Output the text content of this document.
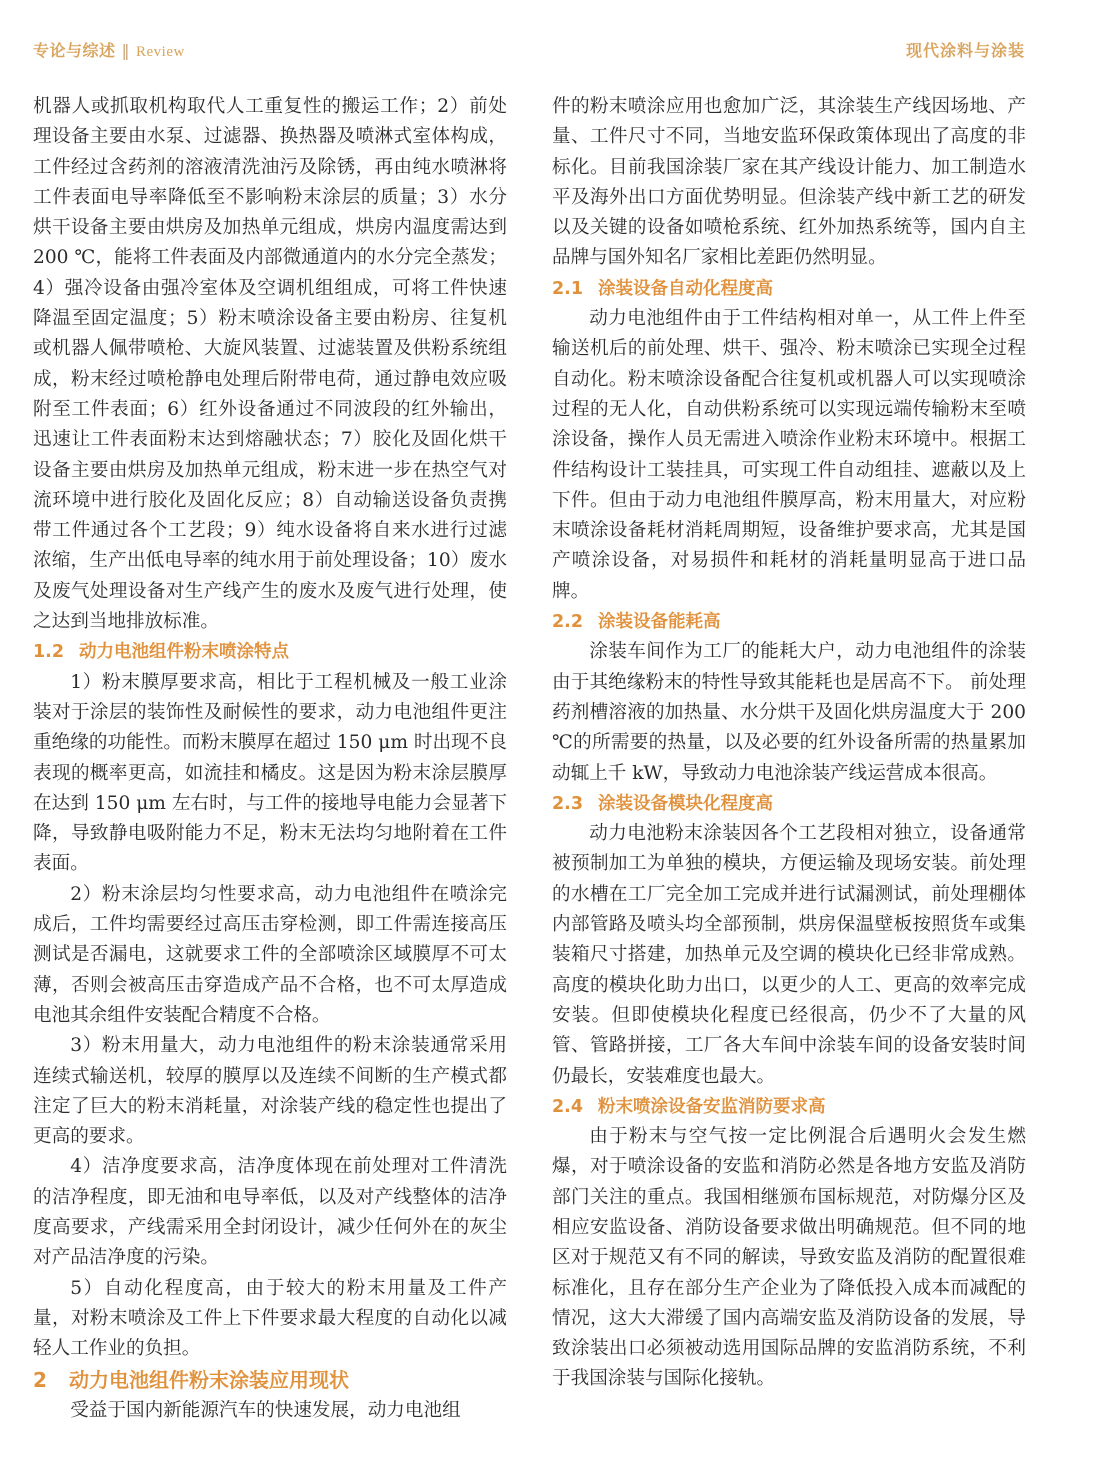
专论与综述 ‖ Review	现代涂料与涂装

机器人或抓取机构取代人工重复性的搬运工作；2）前处理设备主要由水泵、过滤器、换热器及喷淋式室体构成，工件经过含药剂的溶液清洗油污及除锈，再由纯水喷淋将工件表面电导率降低至不影响粉末涂层的质量；3）水分烘干设备主要由烘房及加热单元组成，烘房内温度需达到 200 ℃，能将工件表面及内部微通道内的水分完全蒸发；4）强冷设备由强冷室体及空调机组组成，可将工件快速降温至固定温度；5）粉末喷涂设备主要由粉房、往复机或机器人佩带喷枪、大旋风装置、过滤装置及供粉系统组成，粉末经过喷枪静电处理后附带电荷，通过静电效应吸附至工件表面；6）红外设备通过不同波段的红外输出，迅速让工件表面粉末达到熔融状态；7）胶化及固化烘干设备主要由烘房及加热单元组成，粉末进一步在热空气对流环境中进行胶化及固化反应；8）自动输送设备负责携带工件通过各个工艺段；9）纯水设备将自来水进行过滤浓缩，生产出低电导率的纯水用于前处理设备；10）废水及废气处理设备对生产线产生的废水及废气进行处理，使之达到当地排放标准。

1.2 动力电池组件粉末喷涂特点

1）粉末膜厚要求高，相比于工程机械及一般工业涂装对于涂层的装饰性及耐候性的要求，动力电池组件更注重绝缘的功能性。而粉末膜厚在超过 150 μm 时出现不良表现的概率更高，如流挂和橘皮。这是因为粉末涂层膜厚在达到 150 μm 左右时，与工件的接地导电能力会显著下降，导致静电吸附能力不足，粉末无法均匀地附着在工件表面。

2）粉末涂层均匀性要求高，动力电池组件在喷涂完成后，工件均需要经过高压击穿检测，即工件需连接高压测试是否漏电，这就要求工件的全部喷涂区域膜厚不可太薄，否则会被高压击穿造成产品不合格，也不可太厚造成电池其余组件安装配合精度不合格。

3）粉末用量大，动力电池组件的粉末涂装通常采用连续式输送机，较厚的膜厚以及连续不间断的生产模式都注定了巨大的粉末消耗量，对涂装产线的稳定性也提出了更高的要求。

4）洁净度要求高，洁净度体现在前处理对工件清洗的洁净程度，即无油和电导率低，以及对产线整体的洁净度高要求，产线需采用全封闭设计，减少任何外在的灰尘对产品洁净度的污染。

5）自动化程度高，由于较大的粉末用量及工件产量，对粉末喷涂及工件上下件要求最大程度的自动化以减轻人工作业的负担。

2 动力电池组件粉末涂装应用现状

受益于国内新能源汽车的快速发展，动力电池组

件的粉末喷涂应用也愈加广泛，其涂装生产线因场地、产量、工件尺寸不同，当地安监环保政策体现出了高度的非标化。目前我国涂装厂家在其产线设计能力、加工制造水平及海外出口方面优势明显。但涂装产线中新工艺的研发以及关键的设备如喷枪系统、红外加热系统等，国内自主品牌与国外知名厂家相比差距仍然明显。

2.1 涂装设备自动化程度高

动力电池组件由于工件结构相对单一，从工件上件至输送机后的前处理、烘干、强冷、粉末喷涂已实现全过程自动化。粉末喷涂设备配合往复机或机器人可以实现喷涂过程的无人化，自动供粉系统可以实现远端传输粉末至喷涂设备，操作人员无需进入喷涂作业粉末环境中。根据工件结构设计工装挂具，可实现工件自动组挂、遮蔽以及上下件。但由于动力电池组件膜厚高，粉末用量大，对应粉末喷涂设备耗材消耗周期短，设备维护要求高，尤其是国产喷涂设备，对易损件和耗材的消耗量明显高于进口品牌。

2.2 涂装设备能耗高

涂装车间作为工厂的能耗大户，动力电池组件的涂装由于其绝缘粉末的特性导致其能耗也是居高不下。 前处理药剂槽溶液的加热量、水分烘干及固化烘房温度大于 200 ℃的所需要的热量，以及必要的红外设备所需的热量累加动辄上千 kW，导致动力电池涂装产线运营成本很高。

2.3 涂装设备模块化程度高

动力电池粉末涂装因各个工艺段相对独立，设备通常被预制加工为单独的模块，方便运输及现场安装。前处理的水槽在工厂完全加工完成并进行试漏测试，前处理棚体内部管路及喷头均全部预制，烘房保温壁板按照货车或集装箱尺寸搭建，加热单元及空调的模块化已经非常成熟。高度的模块化助力出口，以更少的人工、更高的效率完成安装。但即使模块化程度已经很高，仍少不了大量的风管、管路拼接，工厂各大车间中涂装车间的设备安装时间仍最长，安装难度也最大。

2.4 粉末喷涂设备安监消防要求高

由于粉末与空气按一定比例混合后遇明火会发生燃爆，对于喷涂设备的安监和消防必然是各地方安监及消防部门关注的重点。我国相继颁布国标规范，对防爆分区及相应安监设备、消防设备要求做出明确规范。但不同的地区对于规范又有不同的解读，导致安监及消防的配置很难标准化，且存在部分生产企业为了降低投入成本而减配的情况，这大大滞缓了国内高端安监及消防设备的发展，导致涂装出口必须被动选用国际品牌的安监消防系统，不利于我国涂装与国际化接轨。
